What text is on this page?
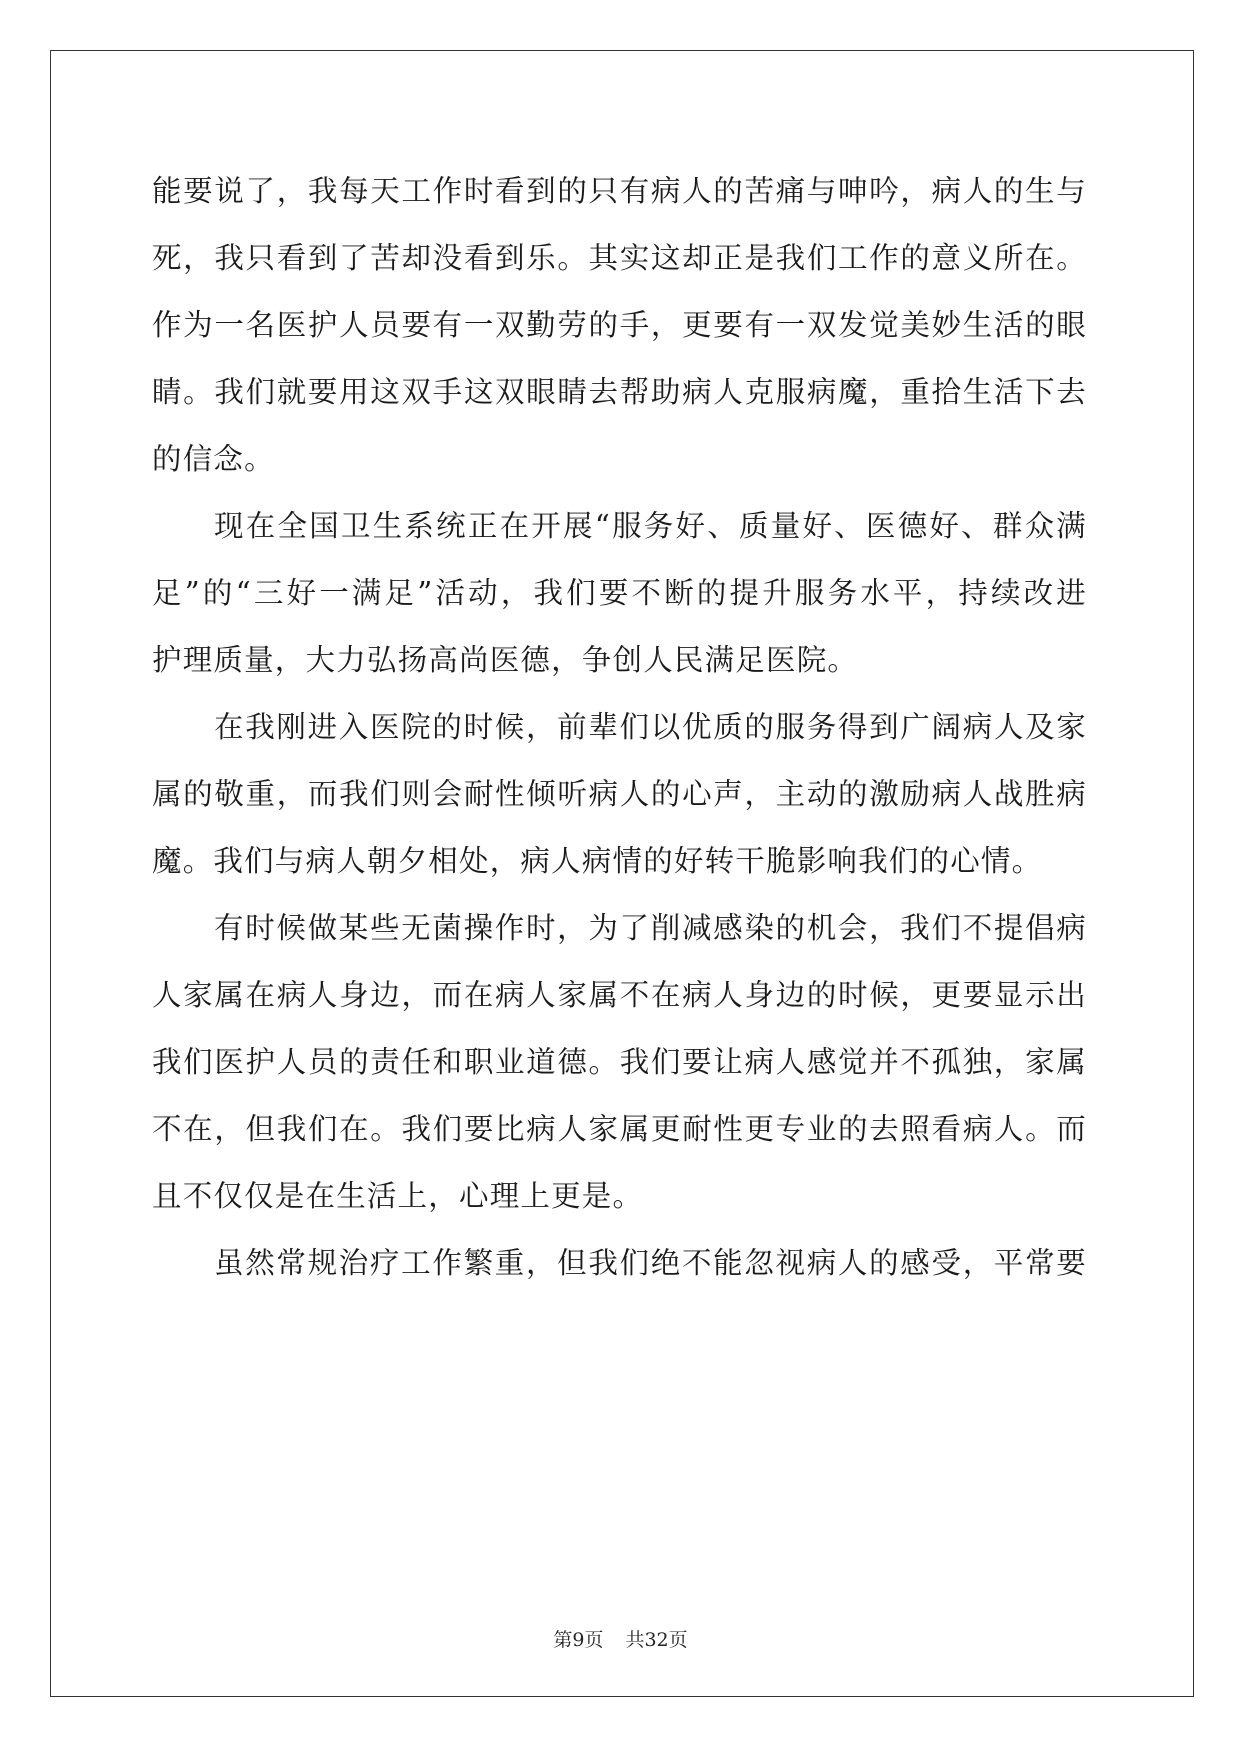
能要说了，我每天工作时看到的只有病人的苦痛与呻吟，病人的生与
死，我只看到了苦却没看到乐。其实这却正是我们工作的意义所在。
作为一名医护人员要有一双勤劳的手，更要有一双发觉美妙生活的眼
睛。我们就要用这双手这双眼睛去帮助病人克服病魔，重拾生活下去
的信念。
现在全国卫生系统正在开展“服务好、质量好、医德好、群众满
足”的“三好一满足”活动，我们要不断的提升服务水平，持续改进
护理质量，大力弘扬高尚医德，争创人民满足医院。
在我刚进入医院的时候，前辈们以优质的服务得到广阔病人及家
属的敬重，而我们则会耐性倾听病人的心声，主动的激励病人战胜病
魔。我们与病人朝夕相处，病人病情的好转干脆影响我们的心情。
有时候做某些无菌操作时，为了削减感染的机会，我们不提倡病
人家属在病人身边，而在病人家属不在病人身边的时候，更要显示出
我们医护人员的责任和职业道德。我们要让病人感觉并不孤独，家属
不在，但我们在。我们要比病人家属更耐性更专业的去照看病人。而
且不仅仅是在生活上，心理上更是。
虽然常规治疗工作繁重，但我们绝不能忽视病人的感受，平常要
第9页 共32页
